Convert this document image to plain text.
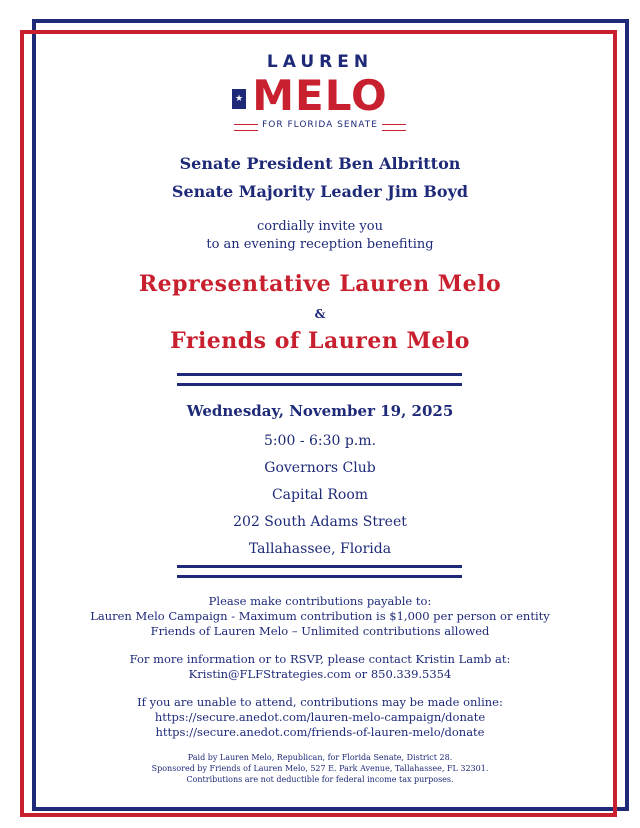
LAUREN
★ MELO
FOR FLORIDA SENATE
Senate President Ben Albritton
Senate Majority Leader Jim Boyd
cordially invite you
to an evening reception benefiting
Representative Lauren Melo
&
Friends of Lauren Melo
Wednesday, November 19, 2025
5:00 - 6:30 p.m.
Governors Club
Capital Room
202 South Adams Street
Tallahassee, Florida
Please make contributions payable to:
Lauren Melo Campaign - Maximum contribution is $1,000 per person or entity
Friends of Lauren Melo – Unlimited contributions allowed
For more information or to RSVP, please contact Kristin Lamb at:
Kristin@FLFStrategies.com or 850.339.5354
If you are unable to attend, contributions may be made online:
https://secure.anedot.com/lauren-melo-campaign/donate
https://secure.anedot.com/friends-of-lauren-melo/donate
Paid by Lauren Melo, Republican, for Florida Senate, District 28.
Sponsored by Friends of Lauren Melo, 527 E. Park Avenue, Tallahassee, FL 32301.
Contributions are not deductible for federal income tax purposes.
